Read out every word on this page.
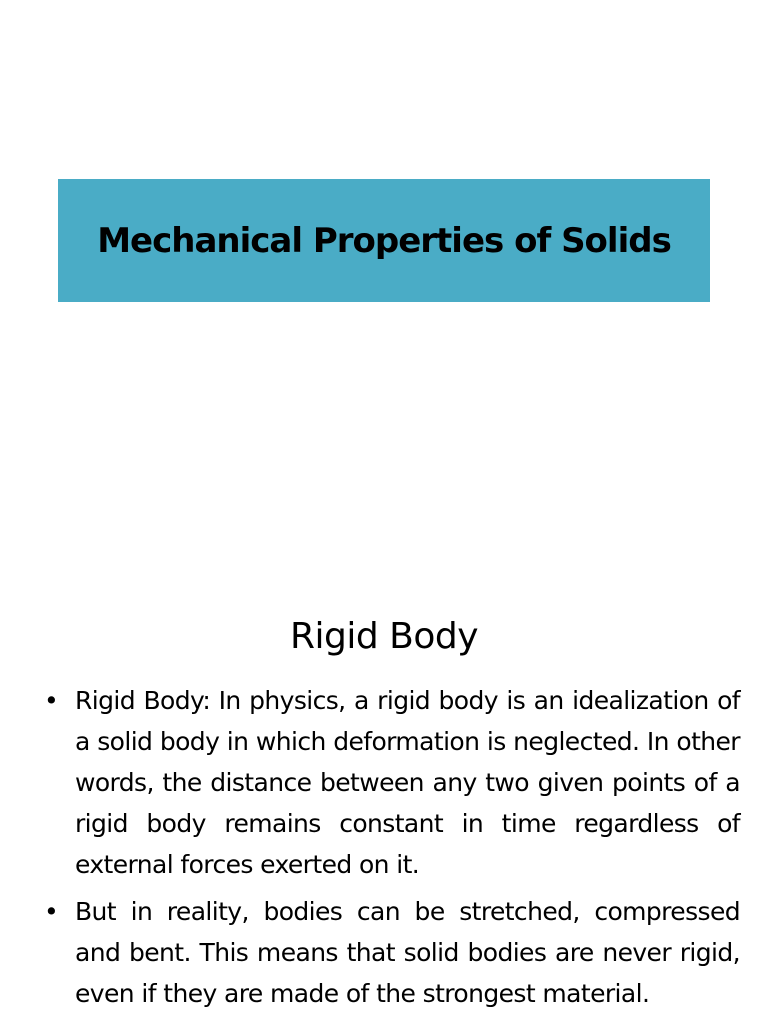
Mechanical Properties of Solids
Rigid Body
• Rigid Body: In physics, a rigid body is an idealization of a solid body in which deformation is neglected. In other words, the distance between any two given points of a rigid body remains constant in time regardless of external forces exerted on it.
• But in reality, bodies can be stretched, compressed and bent. This means that solid bodies are never rigid, even if they are made of the strongest material.
